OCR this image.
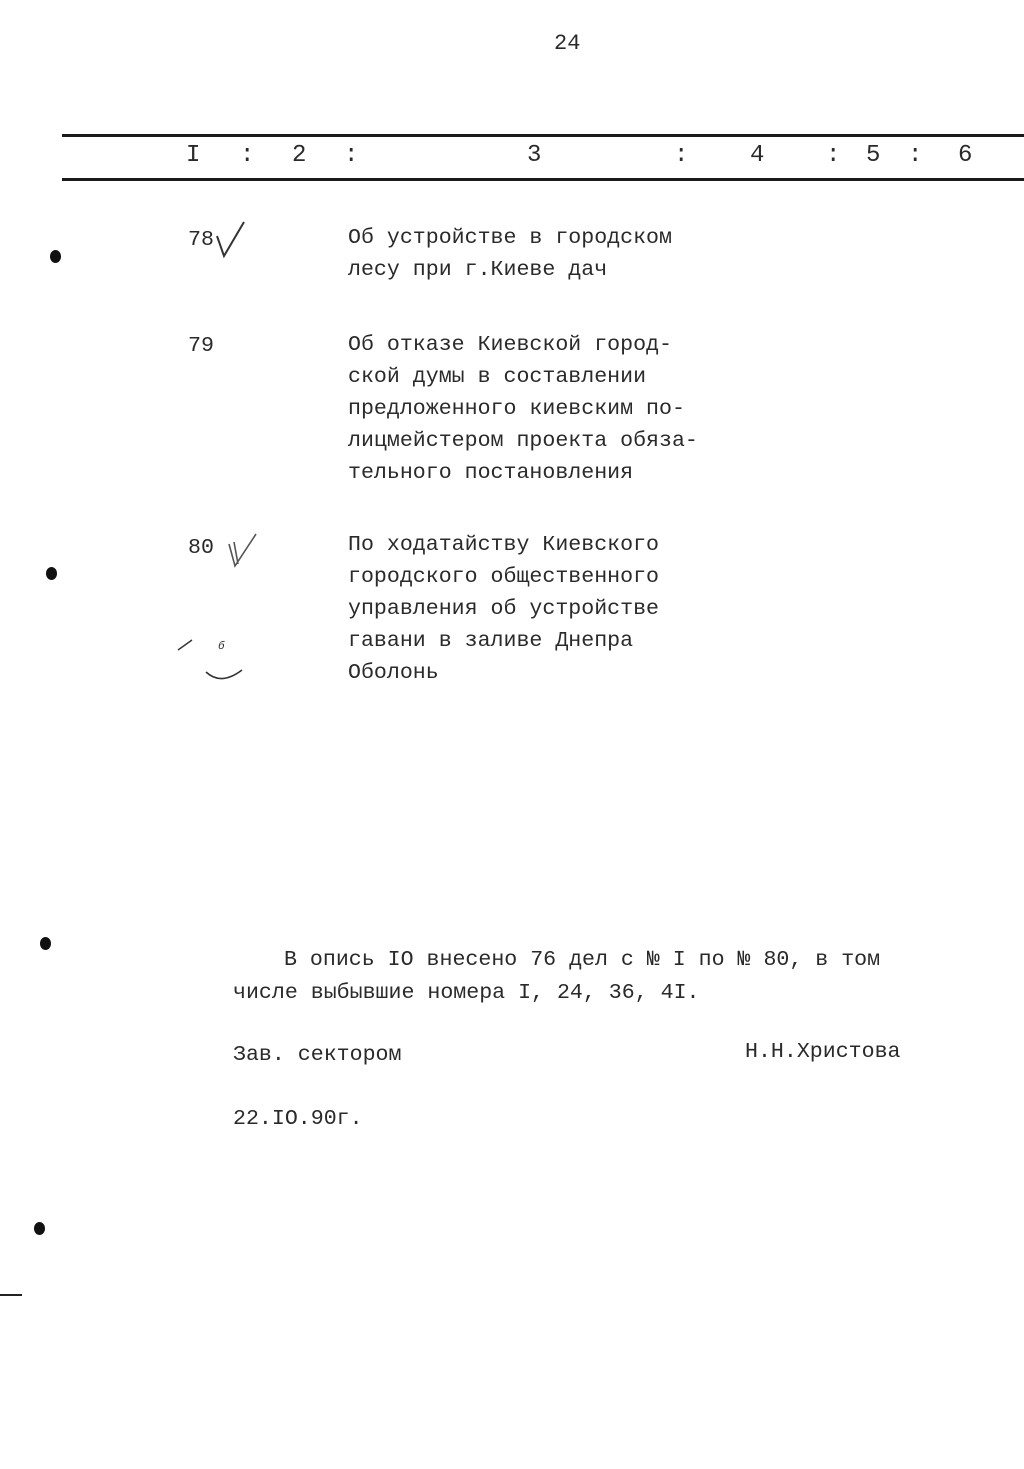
24
I : 2 :	3	:	4	: 5 : 6
78	Об устройстве в городском
лесу при г.Киеве дач
79	Об отказе Киевской город-
ской думы в составлении
предложенного киевским по-
лицмейстером проекта обяза-
тельного постановления
80	По ходатайству Киевского
городского общественного
управления об устройстве
гавани в заливе Днепра
Оболонь
б
В опись IO внесено 76 дел с № I по № 80, в том
числе выбывшие номера I, 24, 36, 4I.
Зав. сектором	Н.Н.Христова
22.IO.90г.
